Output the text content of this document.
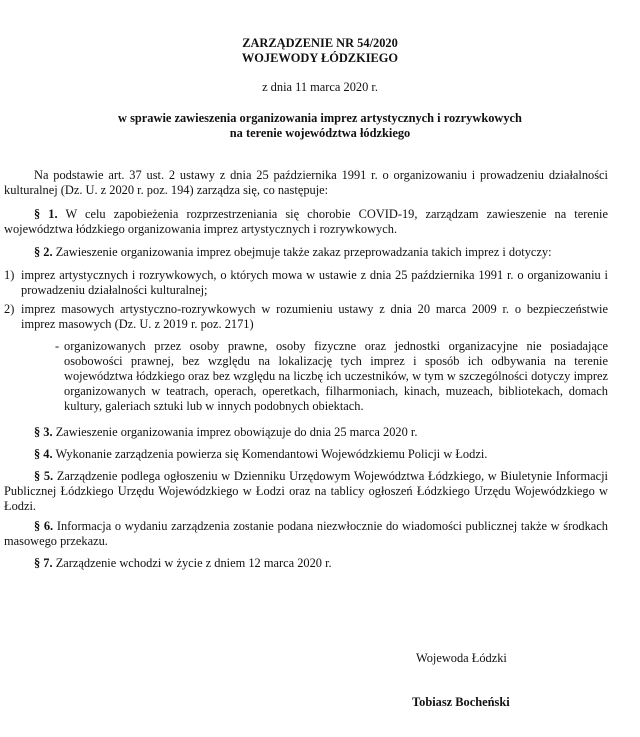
ZARZĄDZENIE NR 54/2020
WOJEWODY ŁÓDZKIEGO
z dnia 11 marca 2020 r.
w sprawie zawieszenia organizowania imprez artystycznych i rozrywkowych
na terenie województwa łódzkiego

Na podstawie art. 37 ust. 2 ustawy z dnia 25 października 1991 r. o organizowaniu i prowadzeniu działalności kulturalnej (Dz. U. z 2020 r. poz. 194) zarządza się, co następuje:

§ 1. W celu zapobieżenia rozprzestrzeniania się chorobie COVID-19, zarządzam zawieszenie na terenie województwa łódzkiego organizowania imprez artystycznych i rozrywkowych.

§ 2. Zawieszenie organizowania imprez obejmuje także zakaz przeprowadzania takich imprez i dotyczy:

1) imprez artystycznych i rozrywkowych, o których mowa w ustawie z dnia 25 października 1991 r. o organizowaniu i prowadzeniu działalności kulturalnej;
2) imprez masowych artystyczno-rozrywkowych w rozumieniu ustawy z dnia 20 marca 2009 r. o bezpieczeństwie imprez masowych (Dz. U. z 2019 r. poz. 2171)
- organizowanych przez osoby prawne, osoby fizyczne oraz jednostki organizacyjne nie posiadające osobowości prawnej, bez względu na lokalizację tych imprez i sposób ich odbywania na terenie województwa łódzkiego oraz bez względu na liczbę ich uczestników, w tym w szczególności dotyczy imprez organizowanych w teatrach, operach, operetkach, filharmoniach, kinach, muzeach, bibliotekach, domach kultury, galeriach sztuki lub w innych podobnych obiektach.

§ 3. Zawieszenie organizowania imprez obowiązuje do dnia 25 marca 2020 r.

§ 4. Wykonanie zarządzenia powierza się Komendantowi Wojewódzkiemu Policji w Łodzi.

§ 5. Zarządzenie podlega ogłoszeniu w Dzienniku Urzędowym Województwa Łódzkiego, w Biuletynie Informacji Publicznej Łódzkiego Urzędu Wojewódzkiego w Łodzi oraz na tablicy ogłoszeń Łódzkiego Urzędu Wojewódzkiego w Łodzi.

§ 6. Informacja o wydaniu zarządzenia zostanie podana niezwłocznie do wiadomości publicznej także w środkach masowego przekazu.

§ 7. Zarządzenie wchodzi w życie z dniem 12 marca 2020 r.

Wojewoda Łódzki
Tobiasz Bocheński
